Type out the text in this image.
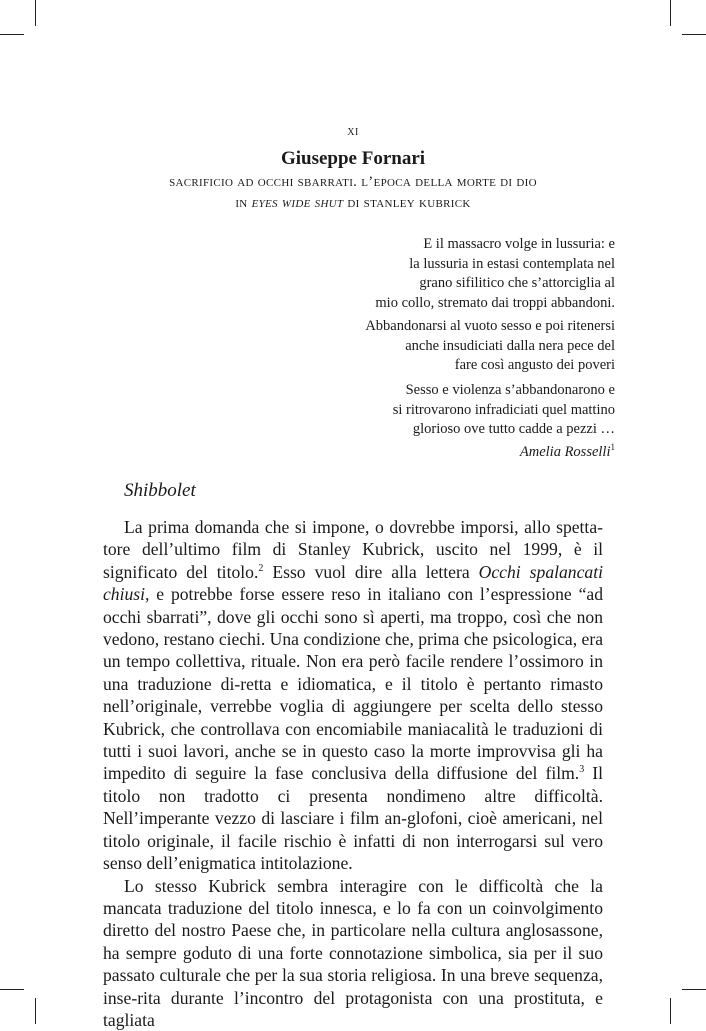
xi
Giuseppe Fornari
sacrificio ad occhi sbarrati. l’epoca della morte di dio
in eyes wide shut di stanley kubrick

E il massacro volge in lussuria: e

la lussuria in estasi contemplata nel

grano sifilitico che s’attorciglia al

mio collo, stremato dai troppi abbandoni.

Abbandonarsi al vuoto sesso e poi ritenersi

anche insudiciati dalla nera pece del

fare così angusto dei poveri

Sesso e violenza s’abbandonarono e

si ritrovarono infradiciati quel mattino

glorioso ove tutto cadde a pezzi …

Amelia Rosselli$^1$
Shibbolet

La prima domanda che si impone, o dovrebbe imporsi, allo spetta-tore dell’ultimo film di Stanley Kubrick, uscito nel 1999, è il significato del titolo.$^2$ Esso vuol dire alla lettera Occhi spalancati chiusi, e potrebbe forse essere reso in italiano con l’espressione “ad occhi sbarrati”, dove gli occhi sono sì aperti, ma troppo, così che non vedono, restano ciechi. Una condizione che, prima che psicologica, era un tempo collettiva, rituale. Non era però facile rendere l’ossimoro in una traduzione di-retta e idiomatica, e il titolo è pertanto rimasto nell’originale, verrebbe voglia di aggiungere per scelta dello stesso Kubrick, che controllava con encomiabile maniacalità le traduzioni di tutti i suoi lavori, anche se in questo caso la morte improvvisa gli ha impedito di seguire la fase conclusiva della diffusione del film.$^3$ Il titolo non tradotto ci presenta nondimeno altre difficoltà. Nell’imperante vezzo di lasciare i film an-glofoni, cioè americani, nel titolo originale, il facile rischio è infatti di non interrogarsi sul vero senso dell’enigmatica intitolazione.

Lo stesso Kubrick sembra interagire con le difficoltà che la mancata traduzione del titolo innesca, e lo fa con un coinvolgimento diretto del nostro Paese che, in particolare nella cultura anglosassone, ha sempre goduto di una forte connotazione simbolica, sia per il suo passato culturale che per la sua storia religiosa. In una breve sequenza, inse-rita durante l’incontro del protagonista con una prostituta, e tagliata
